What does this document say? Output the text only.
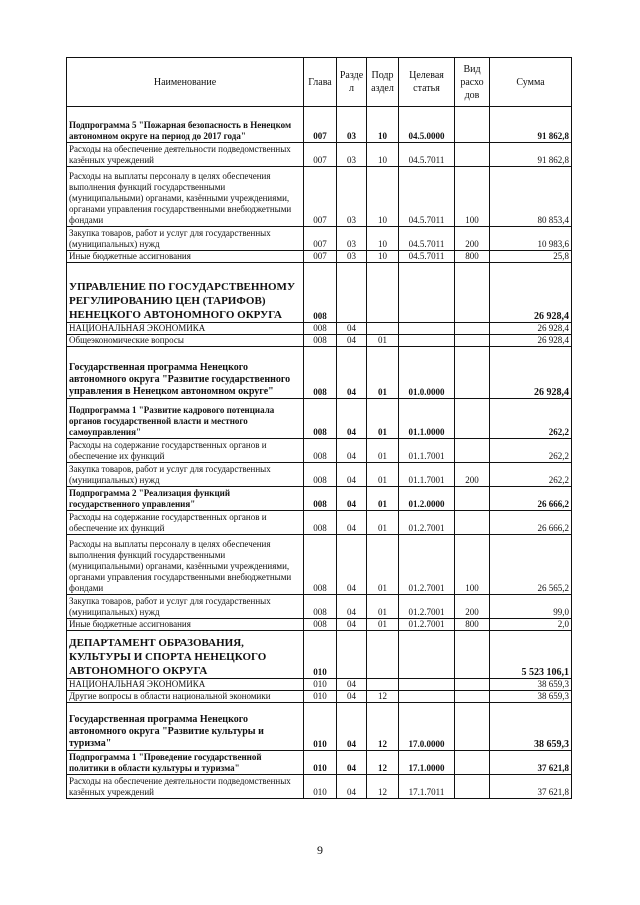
Наименование	Глава	Разде л	Подр аздел	Целевая статья	Вид расхо дов	Сумма
Подпрограмма 5 "Пожарная безопасность в Ненецком автономном округе на период до 2017 года"	007	03	10	04.5.0000		91 862,8
Расходы на обеспечение деятельности подведомственных казённых учреждений	007	03	10	04.5.7011		91 862,8
Расходы на выплаты персоналу в целях обеспечения выполнения функций государственными (муниципальными) органами, казёнными учреждениями, органами управления государственными внебюджетными фондами	007	03	10	04.5.7011	100	80 853,4
Закупка товаров, работ и услуг для государственных (муниципальных) нужд	007	03	10	04.5.7011	200	10 983,6
Иные бюджетные ассигнования	007	03	10	04.5.7011	800	25,8
УПРАВЛЕНИЕ ПО ГОСУДАРСТВЕННОМУ РЕГУЛИРОВАНИЮ ЦЕН (ТАРИФОВ) НЕНЕЦКОГО АВТОНОМНОГО ОКРУГА	008					26 928,4
НАЦИОНАЛЬНАЯ ЭКОНОМИКА	008	04				26 928,4
Общеэкономические вопросы	008	04	01			26 928,4
Государственная программа Ненецкого автономного округа "Развитие государственного управления в Ненецком автономном округе"	008	04	01	01.0.0000		26 928,4
Подпрограмма 1 "Развитие кадрового потенциала органов государственной власти и местного самоуправления"	008	04	01	01.1.0000		262,2
Расходы на содержание государственных органов и обеспечение их функций	008	04	01	01.1.7001		262,2
Закупка товаров, работ и услуг для государственных (муниципальных) нужд	008	04	01	01.1.7001	200	262,2
Подпрограмма 2 "Реализация функций государственного управления"	008	04	01	01.2.0000		26 666,2
Расходы на содержание государственных органов и обеспечение их функций	008	04	01	01.2.7001		26 666,2
Расходы на выплаты персоналу в целях обеспечения выполнения функций государственными (муниципальными) органами, казёнными учреждениями, органами управления государственными внебюджетными фондами	008	04	01	01.2.7001	100	26 565,2
Закупка товаров, работ и услуг для государственных (муниципальных) нужд	008	04	01	01.2.7001	200	99,0
Иные бюджетные ассигнования	008	04	01	01.2.7001	800	2,0
ДЕПАРТАМЕНТ ОБРАЗОВАНИЯ, КУЛЬТУРЫ И СПОРТА НЕНЕЦКОГО АВТОНОМНОГО ОКРУГА	010					5 523 106,1
НАЦИОНАЛЬНАЯ ЭКОНОМИКА	010	04				38 659,3
Другие вопросы в области национальной экономики	010	04	12			38 659,3
Государственная программа Ненецкого автономного округа "Развитие культуры и туризма"	010	04	12	17.0.0000		38 659,3
Подпрограмма 1 "Проведение государственной политики в области культуры и туризма"	010	04	12	17.1.0000		37 621,8
Расходы на обеспечение деятельности подведомственных казённых учреждений	010	04	12	17.1.7011		37 621,8
9
